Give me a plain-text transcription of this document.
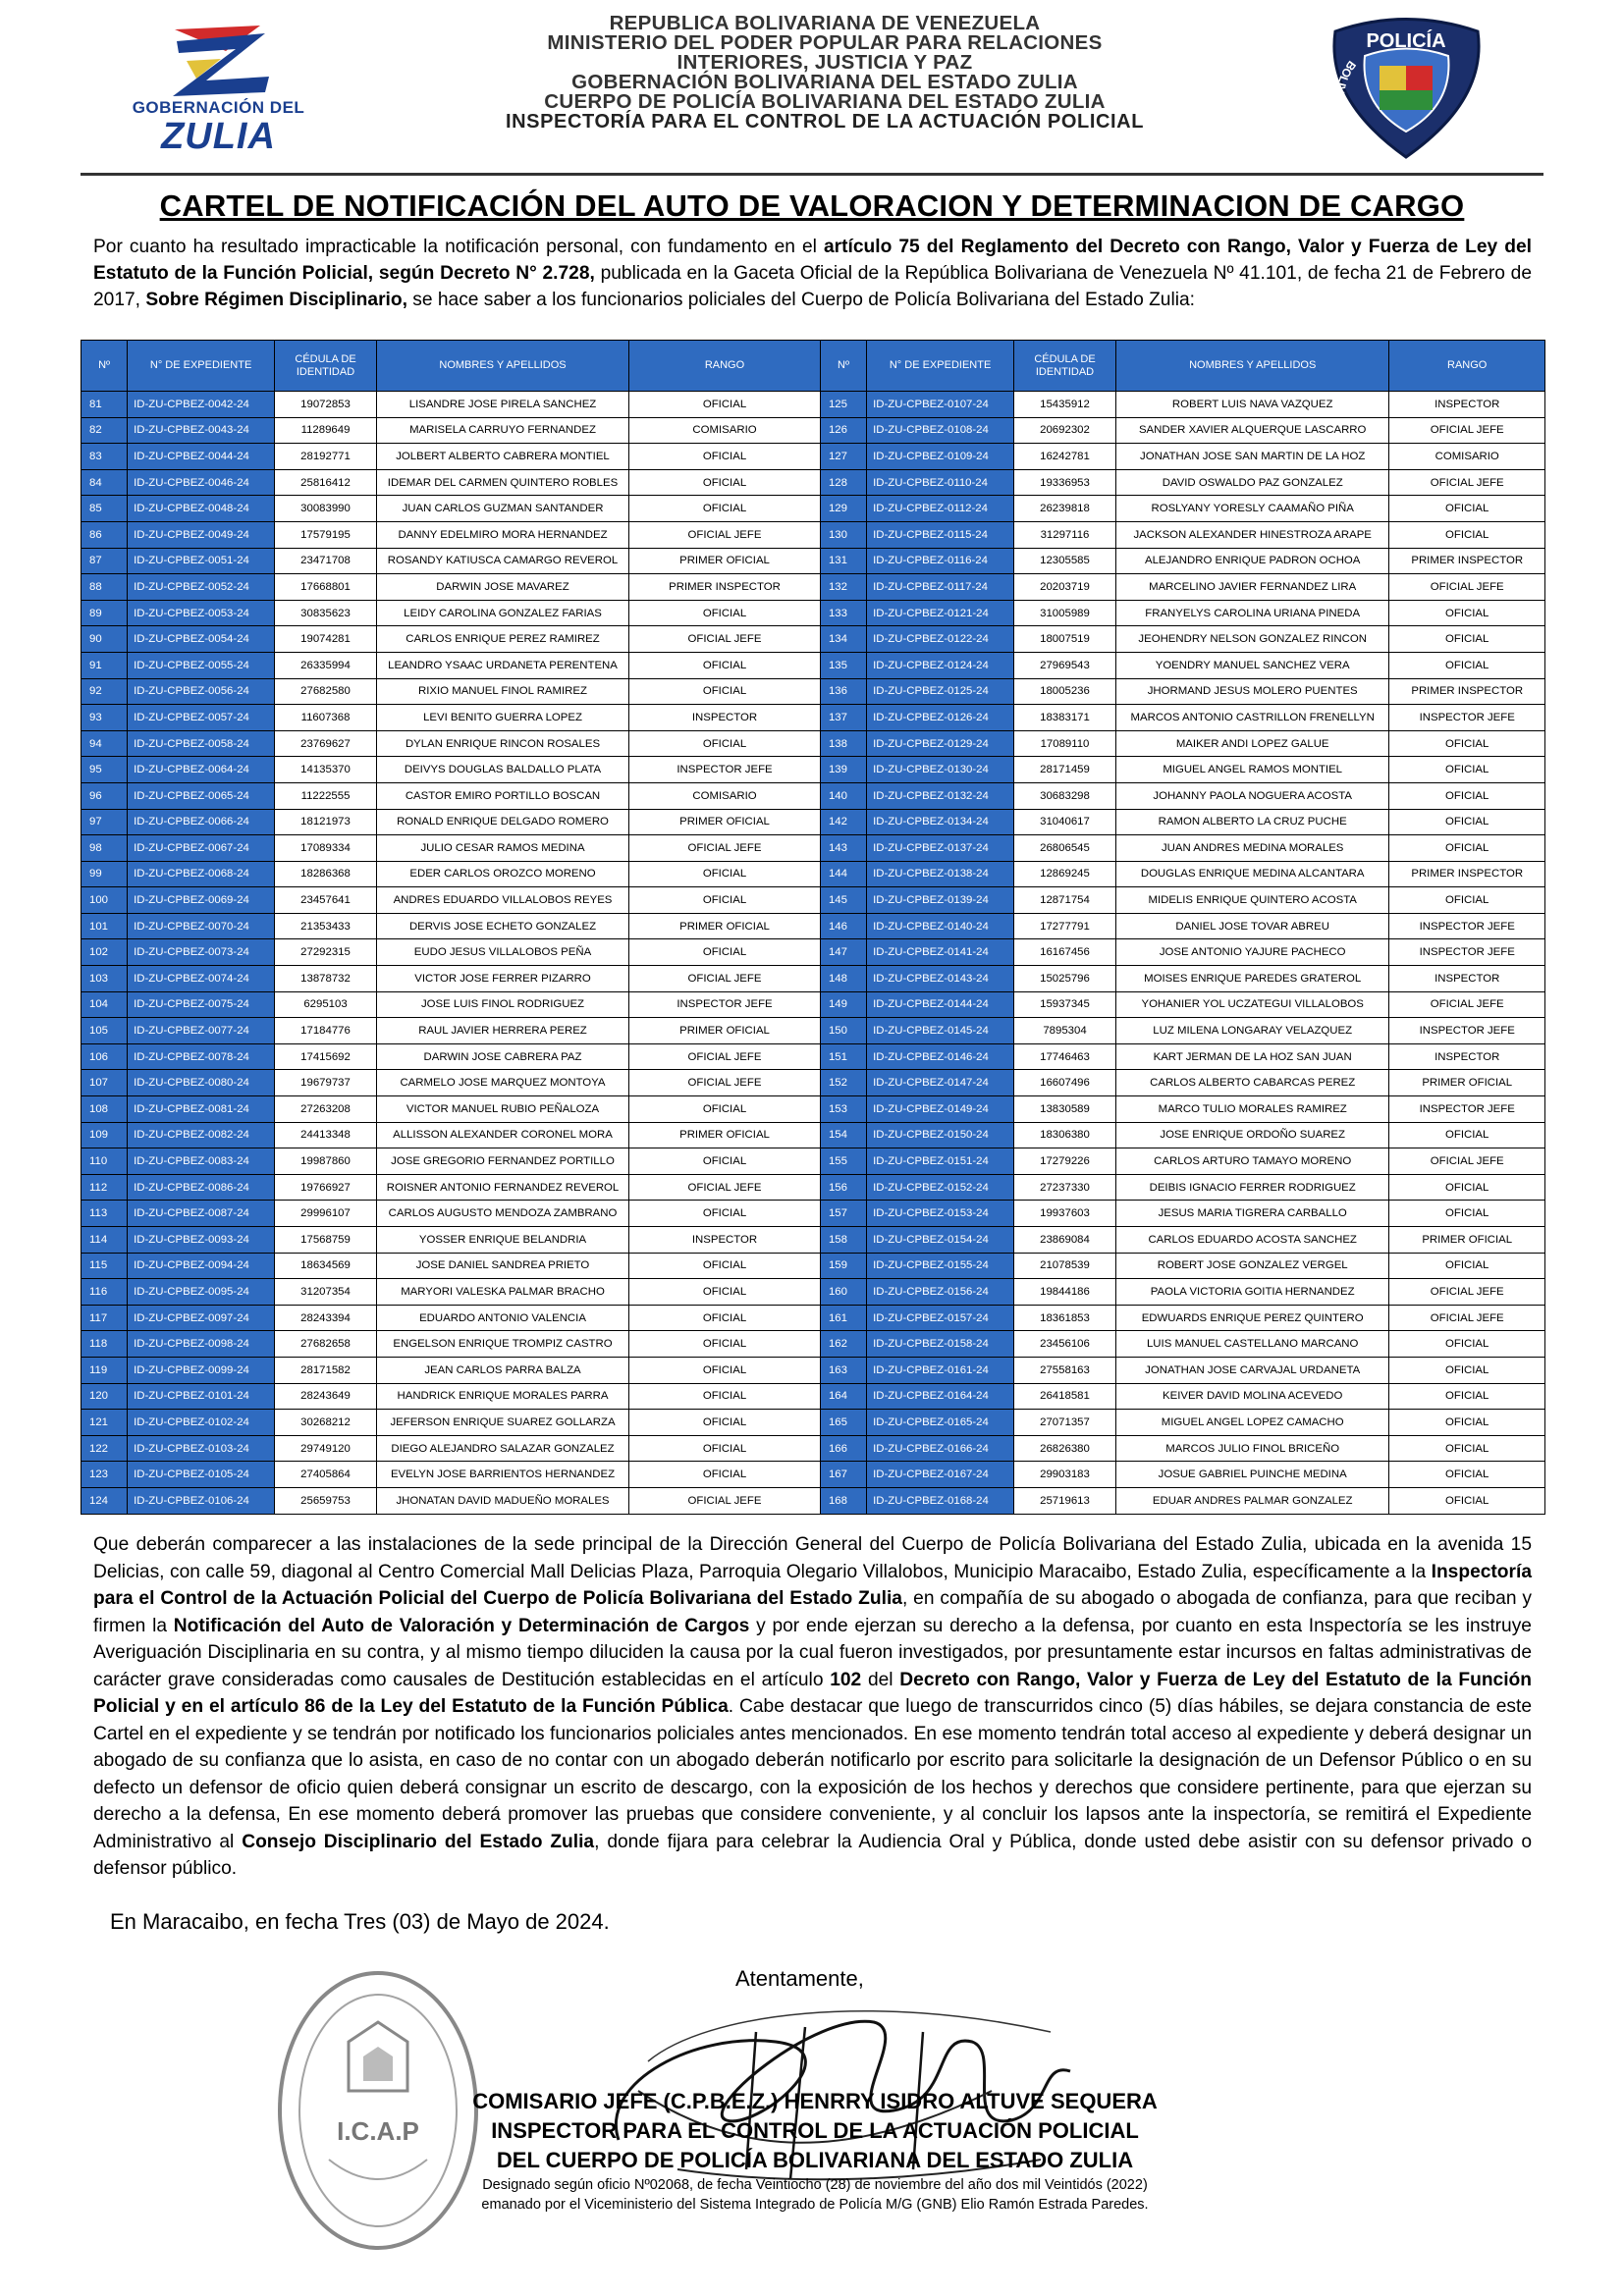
GOBERNACIÓN DEL
ZULIA
REPUBLICA BOLIVARIANA DE VENEZUELA
MINISTERIO DEL PODER POPULAR PARA RELACIONES
INTERIORES, JUSTICIA Y PAZ
GOBERNACIÓN BOLIVARIANA DEL ESTADO ZULIA
CUERPO DE POLICÍA BOLIVARIANA DEL ESTADO ZULIA
INSPECTORÍA PARA EL CONTROL DE LA ACTUACIÓN POLICIAL
POLICÍA
BOLIVARIANA
ZULIA
CARTEL DE NOTIFICACIÓN DEL AUTO DE VALORACION Y DETERMINACION DE CARGO
Por cuanto ha resultado impracticable la notificación personal, con fundamento en el artículo 75 del Reglamento del Decreto con Rango, Valor y Fuerza de Ley del Estatuto de la Función Policial, según Decreto N° 2.728, publicada en la Gaceta Oficial de la República Bolivariana de Venezuela Nº 41.101, de fecha 21 de Febrero de 2017, Sobre Régimen Disciplinario, se hace saber a los funcionarios policiales del Cuerpo de Policía Bolivariana del Estado Zulia:
Nº	N° DE EXPEDIENTE	CÉDULA DE IDENTIDAD	NOMBRES Y APELLIDOS	RANGO	Nº	N° DE EXPEDIENTE	CÉDULA DE IDENTIDAD	NOMBRES Y APELLIDOS	RANGO
81	ID-ZU-CPBEZ-0042-24	19072853	LISANDRE JOSE PIRELA SANCHEZ	OFICIAL	125	ID-ZU-CPBEZ-0107-24	15435912	ROBERT LUIS NAVA VAZQUEZ	INSPECTOR
82	ID-ZU-CPBEZ-0043-24	11289649	MARISELA CARRUYO FERNANDEZ	COMISARIO	126	ID-ZU-CPBEZ-0108-24	20692302	SANDER XAVIER ALQUERQUE LASCARRO	OFICIAL JEFE
83	ID-ZU-CPBEZ-0044-24	28192771	JOLBERT ALBERTO CABRERA MONTIEL	OFICIAL	127	ID-ZU-CPBEZ-0109-24	16242781	JONATHAN JOSE SAN MARTIN DE LA HOZ	COMISARIO
84	ID-ZU-CPBEZ-0046-24	25816412	IDEMAR DEL CARMEN QUINTERO ROBLES	OFICIAL	128	ID-ZU-CPBEZ-0110-24	19336953	DAVID OSWALDO PAZ GONZALEZ	OFICIAL JEFE
85	ID-ZU-CPBEZ-0048-24	30083990	JUAN CARLOS GUZMAN SANTANDER	OFICIAL	129	ID-ZU-CPBEZ-0112-24	26239818	ROSLYANY YORESLY CAAMAÑO PIÑA	OFICIAL
86	ID-ZU-CPBEZ-0049-24	17579195	DANNY EDELMIRO MORA HERNANDEZ	OFICIAL JEFE	130	ID-ZU-CPBEZ-0115-24	31297116	JACKSON ALEXANDER HINESTROZA ARAPE	OFICIAL
87	ID-ZU-CPBEZ-0051-24	23471708	ROSANDY KATIUSCA CAMARGO REVEROL	PRIMER OFICIAL	131	ID-ZU-CPBEZ-0116-24	12305585	ALEJANDRO ENRIQUE PADRON OCHOA	PRIMER INSPECTOR
88	ID-ZU-CPBEZ-0052-24	17668801	DARWIN JOSE MAVAREZ	PRIMER INSPECTOR	132	ID-ZU-CPBEZ-0117-24	20203719	MARCELINO JAVIER FERNANDEZ LIRA	OFICIAL JEFE
89	ID-ZU-CPBEZ-0053-24	30835623	LEIDY CAROLINA GONZALEZ FARIAS	OFICIAL	133	ID-ZU-CPBEZ-0121-24	31005989	FRANYELYS CAROLINA URIANA PINEDA	OFICIAL
90	ID-ZU-CPBEZ-0054-24	19074281	CARLOS ENRIQUE PEREZ RAMIREZ	OFICIAL JEFE	134	ID-ZU-CPBEZ-0122-24	18007519	JEOHENDRY NELSON GONZALEZ RINCON	OFICIAL
91	ID-ZU-CPBEZ-0055-24	26335994	LEANDRO YSAAC URDANETA PERENTENA	OFICIAL	135	ID-ZU-CPBEZ-0124-24	27969543	YOENDRY MANUEL SANCHEZ VERA	OFICIAL
92	ID-ZU-CPBEZ-0056-24	27682580	RIXIO MANUEL FINOL RAMIREZ	OFICIAL	136	ID-ZU-CPBEZ-0125-24	18005236	JHORMAND JESUS MOLERO PUENTES	PRIMER INSPECTOR
93	ID-ZU-CPBEZ-0057-24	11607368	LEVI BENITO GUERRA LOPEZ	INSPECTOR	137	ID-ZU-CPBEZ-0126-24	18383171	MARCOS ANTONIO CASTRILLON FRENELLYN	INSPECTOR JEFE
94	ID-ZU-CPBEZ-0058-24	23769627	DYLAN ENRIQUE RINCON ROSALES	OFICIAL	138	ID-ZU-CPBEZ-0129-24	17089110	MAIKER ANDI LOPEZ GALUE	OFICIAL
95	ID-ZU-CPBEZ-0064-24	14135370	DEIVYS DOUGLAS BALDALLO PLATA	INSPECTOR JEFE	139	ID-ZU-CPBEZ-0130-24	28171459	MIGUEL ANGEL RAMOS MONTIEL	OFICIAL
96	ID-ZU-CPBEZ-0065-24	11222555	CASTOR EMIRO PORTILLO BOSCAN	COMISARIO	140	ID-ZU-CPBEZ-0132-24	30683298	JOHANNY PAOLA NOGUERA ACOSTA	OFICIAL
97	ID-ZU-CPBEZ-0066-24	18121973	RONALD ENRIQUE DELGADO ROMERO	PRIMER OFICIAL	142	ID-ZU-CPBEZ-0134-24	31040617	RAMON ALBERTO LA CRUZ PUCHE	OFICIAL
98	ID-ZU-CPBEZ-0067-24	17089334	JULIO CESAR RAMOS MEDINA	OFICIAL JEFE	143	ID-ZU-CPBEZ-0137-24	26806545	JUAN ANDRES MEDINA MORALES	OFICIAL
99	ID-ZU-CPBEZ-0068-24	18286368	EDER CARLOS OROZCO MORENO	OFICIAL	144	ID-ZU-CPBEZ-0138-24	12869245	DOUGLAS ENRIQUE MEDINA ALCANTARA	PRIMER INSPECTOR
100	ID-ZU-CPBEZ-0069-24	23457641	ANDRES EDUARDO VILLALOBOS REYES	OFICIAL	145	ID-ZU-CPBEZ-0139-24	12871754	MIDELIS ENRIQUE QUINTERO ACOSTA	OFICIAL
101	ID-ZU-CPBEZ-0070-24	21353433	DERVIS JOSE ECHETO GONZALEZ	PRIMER OFICIAL	146	ID-ZU-CPBEZ-0140-24	17277791	DANIEL JOSE TOVAR ABREU	INSPECTOR JEFE
102	ID-ZU-CPBEZ-0073-24	27292315	EUDO JESUS VILLALOBOS PEÑA	OFICIAL	147	ID-ZU-CPBEZ-0141-24	16167456	JOSE ANTONIO YAJURE PACHECO	INSPECTOR JEFE
103	ID-ZU-CPBEZ-0074-24	13878732	VICTOR JOSE FERRER PIZARRO	OFICIAL JEFE	148	ID-ZU-CPBEZ-0143-24	15025796	MOISES ENRIQUE PAREDES GRATEROL	INSPECTOR
104	ID-ZU-CPBEZ-0075-24	6295103	JOSE LUIS FINOL RODRIGUEZ	INSPECTOR JEFE	149	ID-ZU-CPBEZ-0144-24	15937345	YOHANIER YOL UCZATEGUI VILLALOBOS	OFICIAL JEFE
105	ID-ZU-CPBEZ-0077-24	17184776	RAUL JAVIER HERRERA PEREZ	PRIMER OFICIAL	150	ID-ZU-CPBEZ-0145-24	7895304	LUZ MILENA LONGARAY VELAZQUEZ	INSPECTOR JEFE
106	ID-ZU-CPBEZ-0078-24	17415692	DARWIN JOSE CABRERA PAZ	OFICIAL JEFE	151	ID-ZU-CPBEZ-0146-24	17746463	KART JERMAN DE LA HOZ SAN JUAN	INSPECTOR
107	ID-ZU-CPBEZ-0080-24	19679737	CARMELO JOSE MARQUEZ MONTOYA	OFICIAL JEFE	152	ID-ZU-CPBEZ-0147-24	16607496	CARLOS ALBERTO CABARCAS PEREZ	PRIMER OFICIAL
108	ID-ZU-CPBEZ-0081-24	27263208	VICTOR MANUEL RUBIO PEÑALOZA	OFICIAL	153	ID-ZU-CPBEZ-0149-24	13830589	MARCO TULIO MORALES RAMIREZ	INSPECTOR JEFE
109	ID-ZU-CPBEZ-0082-24	24413348	ALLISSON ALEXANDER CORONEL MORA	PRIMER OFICIAL	154	ID-ZU-CPBEZ-0150-24	18306380	JOSE ENRIQUE ORDOÑO SUAREZ	OFICIAL
110	ID-ZU-CPBEZ-0083-24	19987860	JOSE GREGORIO FERNANDEZ PORTILLO	OFICIAL	155	ID-ZU-CPBEZ-0151-24	17279226	CARLOS ARTURO TAMAYO MORENO	OFICIAL JEFE
112	ID-ZU-CPBEZ-0086-24	19766927	ROISNER ANTONIO FERNANDEZ REVEROL	OFICIAL JEFE	156	ID-ZU-CPBEZ-0152-24	27237330	DEIBIS IGNACIO FERRER RODRIGUEZ	OFICIAL
113	ID-ZU-CPBEZ-0087-24	29996107	CARLOS AUGUSTO MENDOZA ZAMBRANO	OFICIAL	157	ID-ZU-CPBEZ-0153-24	19937603	JESUS MARIA TIGRERA CARBALLO	OFICIAL
114	ID-ZU-CPBEZ-0093-24	17568759	YOSSER ENRIQUE BELANDRIA	INSPECTOR	158	ID-ZU-CPBEZ-0154-24	23869084	CARLOS EDUARDO ACOSTA SANCHEZ	PRIMER OFICIAL
115	ID-ZU-CPBEZ-0094-24	18634569	JOSE DANIEL SANDREA PRIETO	OFICIAL	159	ID-ZU-CPBEZ-0155-24	21078539	ROBERT JOSE GONZALEZ VERGEL	OFICIAL
116	ID-ZU-CPBEZ-0095-24	31207354	MARYORI VALESKA PALMAR BRACHO	OFICIAL	160	ID-ZU-CPBEZ-0156-24	19844186	PAOLA VICTORIA GOITIA HERNANDEZ	OFICIAL JEFE
117	ID-ZU-CPBEZ-0097-24	28243394	EDUARDO ANTONIO VALENCIA	OFICIAL	161	ID-ZU-CPBEZ-0157-24	18361853	EDWUARDS ENRIQUE PEREZ QUINTERO	OFICIAL JEFE
118	ID-ZU-CPBEZ-0098-24	27682658	ENGELSON ENRIQUE TROMPIZ CASTRO	OFICIAL	162	ID-ZU-CPBEZ-0158-24	23456106	LUIS MANUEL CASTELLANO MARCANO	OFICIAL
119	ID-ZU-CPBEZ-0099-24	28171582	JEAN CARLOS PARRA BALZA	OFICIAL	163	ID-ZU-CPBEZ-0161-24	27558163	JONATHAN JOSE CARVAJAL URDANETA	OFICIAL
120	ID-ZU-CPBEZ-0101-24	28243649	HANDRICK ENRIQUE MORALES PARRA	OFICIAL	164	ID-ZU-CPBEZ-0164-24	26418581	KEIVER DAVID MOLINA ACEVEDO	OFICIAL
121	ID-ZU-CPBEZ-0102-24	30268212	JEFERSON ENRIQUE SUAREZ GOLLARZA	OFICIAL	165	ID-ZU-CPBEZ-0165-24	27071357	MIGUEL ANGEL LOPEZ CAMACHO	OFICIAL
122	ID-ZU-CPBEZ-0103-24	29749120	DIEGO ALEJANDRO SALAZAR GONZALEZ	OFICIAL	166	ID-ZU-CPBEZ-0166-24	26826380	MARCOS JULIO FINOL BRICEÑO	OFICIAL
123	ID-ZU-CPBEZ-0105-24	27405864	EVELYN JOSE BARRIENTOS HERNANDEZ	OFICIAL	167	ID-ZU-CPBEZ-0167-24	29903183	JOSUE GABRIEL PUINCHE MEDINA	OFICIAL
124	ID-ZU-CPBEZ-0106-24	25659753	JHONATAN DAVID MADUEÑO MORALES	OFICIAL JEFE	168	ID-ZU-CPBEZ-0168-24	25719613	EDUAR ANDRES PALMAR GONZALEZ	OFICIAL
Que deberán comparecer a las instalaciones de la sede principal de la Dirección General del Cuerpo de Policía Bolivariana del Estado Zulia, ubicada en la avenida 15 Delicias, con calle 59, diagonal al Centro Comercial Mall Delicias Plaza, Parroquia Olegario Villalobos, Municipio Maracaibo, Estado Zulia, específicamente a la Inspectoría para el Control de la Actuación Policial del Cuerpo de Policía Bolivariana del Estado Zulia, en compañía de su abogado o abogada de confianza, para que reciban y firmen la Notificación del Auto de Valoración y Determinación de Cargos y por ende ejerzan su derecho a la defensa, por cuanto en esta Inspectoría se les instruye Averiguación Disciplinaria en su contra, y al mismo tiempo diluciden la causa por la cual fueron investigados, por presuntamente estar incursos en faltas administrativas de carácter grave consideradas como causales de Destitución establecidas en el artículo 102 del Decreto con Rango, Valor y Fuerza de Ley del Estatuto de la Función Policial y en el artículo 86 de la Ley del Estatuto de la Función Pública. Cabe destacar que luego de transcurridos cinco (5) días hábiles, se dejara constancia de este Cartel en el expediente y se tendrán por notificado los funcionarios policiales antes mencionados. En ese momento tendrán total acceso al expediente y deberá designar un abogado de su confianza que lo asista, en caso de no contar con un abogado deberán notificarlo por escrito para solicitarle la designación de un Defensor Público o en su defecto un defensor de oficio quien deberá consignar un escrito de descargo, con la exposición de los hechos y derechos que considere pertinente, para que ejerzan su derecho a la defensa, En ese momento deberá promover las pruebas que considere conveniente, y al concluir los lapsos ante la inspectoría, se remitirá el Expediente Administrativo al Consejo Disciplinario del Estado Zulia, donde fijara para celebrar la Audiencia Oral y Pública, donde usted debe asistir con su defensor privado o defensor público.
En Maracaibo, en fecha Tres (03) de Mayo de 2024.
Atentamente,
I.C.A.P
COMISARIO JEFE (C.P.B.E.Z.) HENRRY ISIDRO ALTUVE SEQUERA
INSPECTOR PARA EL CONTROL DE LA ACTUACIÓN POLICIAL
DEL CUERPO DE POLICÍA BOLIVARIANA DEL ESTADO ZULIA
Designado según oficio Nº02068, de fecha Veintiocho (28) de noviembre del año dos mil Veintidós (2022)
emanado por el Viceministerio del Sistema Integrado de Policía M/G (GNB) Elio Ramón Estrada Paredes.
